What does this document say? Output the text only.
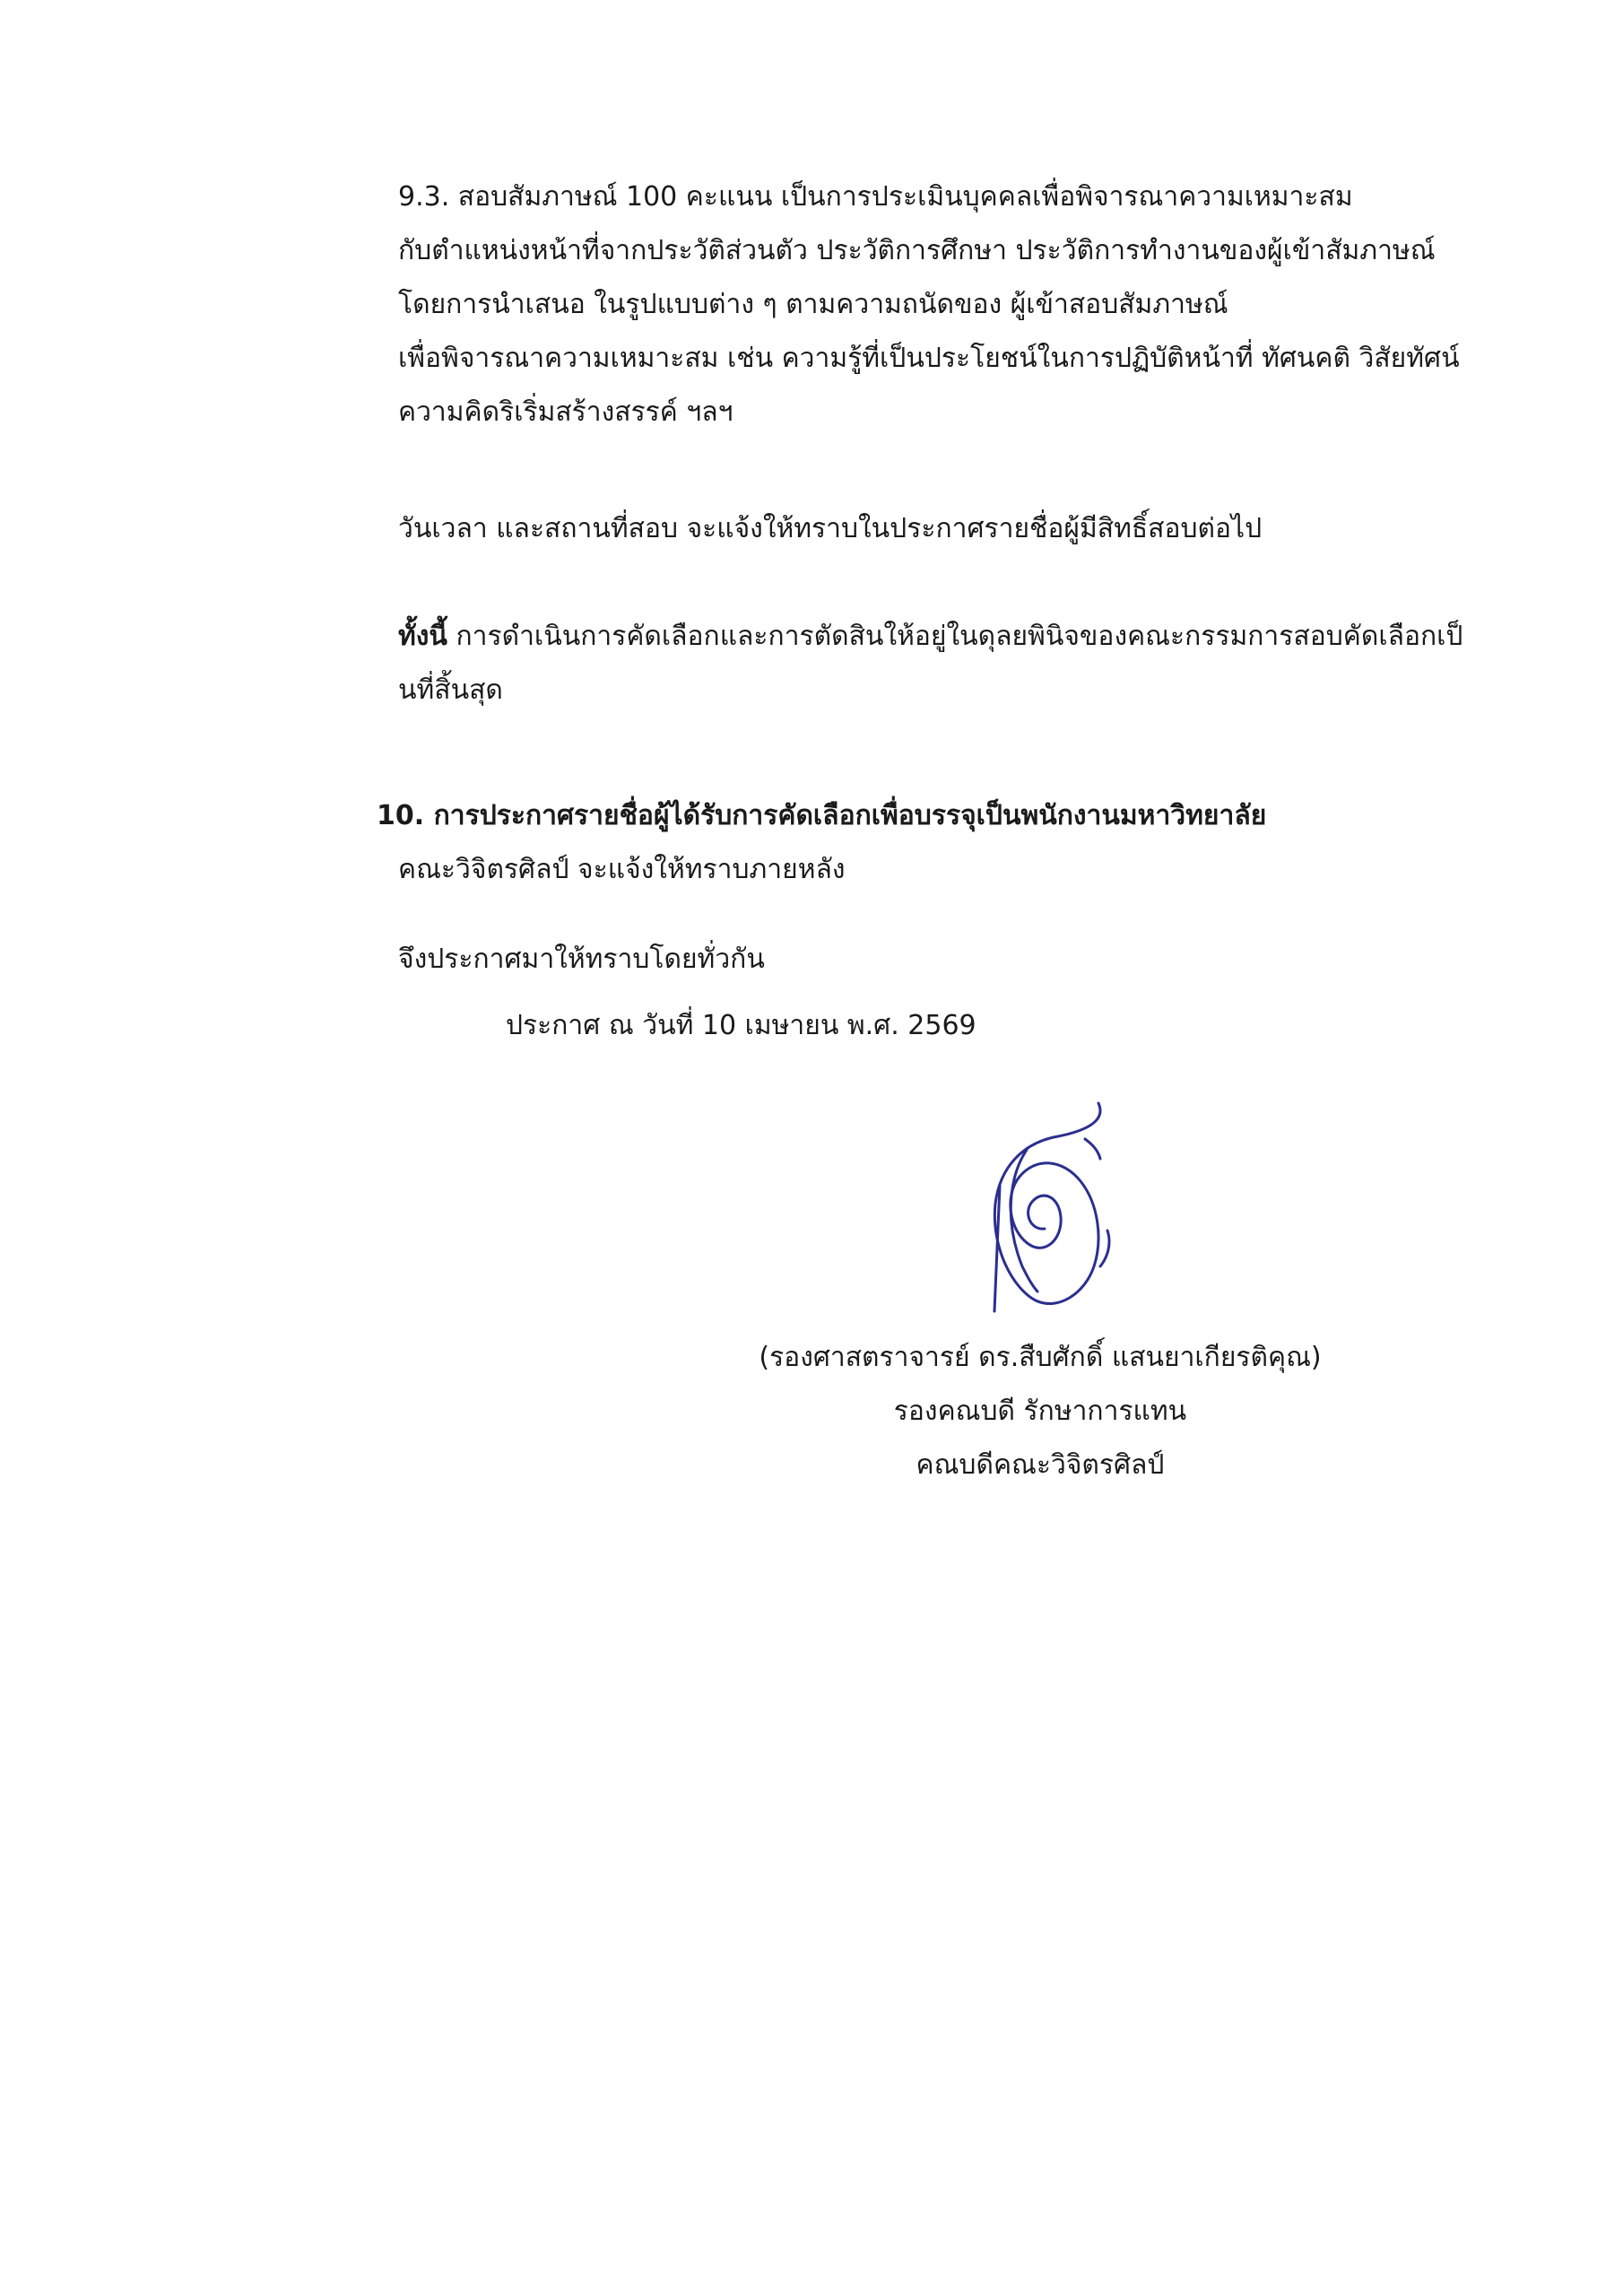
9.3. สอบสัมภาษณ์ 100 คะแนน เป็นการประเมินบุคคลเพื่อพิจารณาความเหมาะสม
กับตำแหน่งหน้าที่จากประวัติส่วนตัว ประวัติการศึกษา ประวัติการทำงานของผู้เข้าสัมภาษณ์
โดยการนำเสนอ ในรูปแบบต่าง ๆ ตามความถนัดของ ผู้เข้าสอบสัมภาษณ์
เพื่อพิจารณาความเหมาะสม เช่น ความรู้ที่เป็นประโยชน์ในการปฏิบัติหน้าที่ ทัศนคติ วิสัยทัศน์
ความคิดริเริ่มสร้างสรรค์ ฯลฯ
วันเวลา และสถานที่สอบ จะแจ้งให้ทราบในประกาศรายชื่อผู้มีสิทธิ์สอบต่อไป
ทั้งนี้ การดำเนินการคัดเลือกและการตัดสินให้อยู่ในดุลยพินิจของคณะกรรมการสอบคัดเลือกเป็
นที่สิ้นสุด
10. การประกาศรายชื่อผู้ได้รับการคัดเลือกเพื่อบรรจุเป็นพนักงานมหาวิทยาลัย
คณะวิจิตรศิลป์ จะแจ้งให้ทราบภายหลัง
จึงประกาศมาให้ทราบโดยทั่วกัน
ประกาศ ณ วันที่ 10 เมษายน พ.ศ. 2569
(รองศาสตราจารย์ ดร.สืบศักดิ์ แสนยาเกียรติคุณ)
รองคณบดี รักษาการแทน
คณบดีคณะวิจิตรศิลป์
